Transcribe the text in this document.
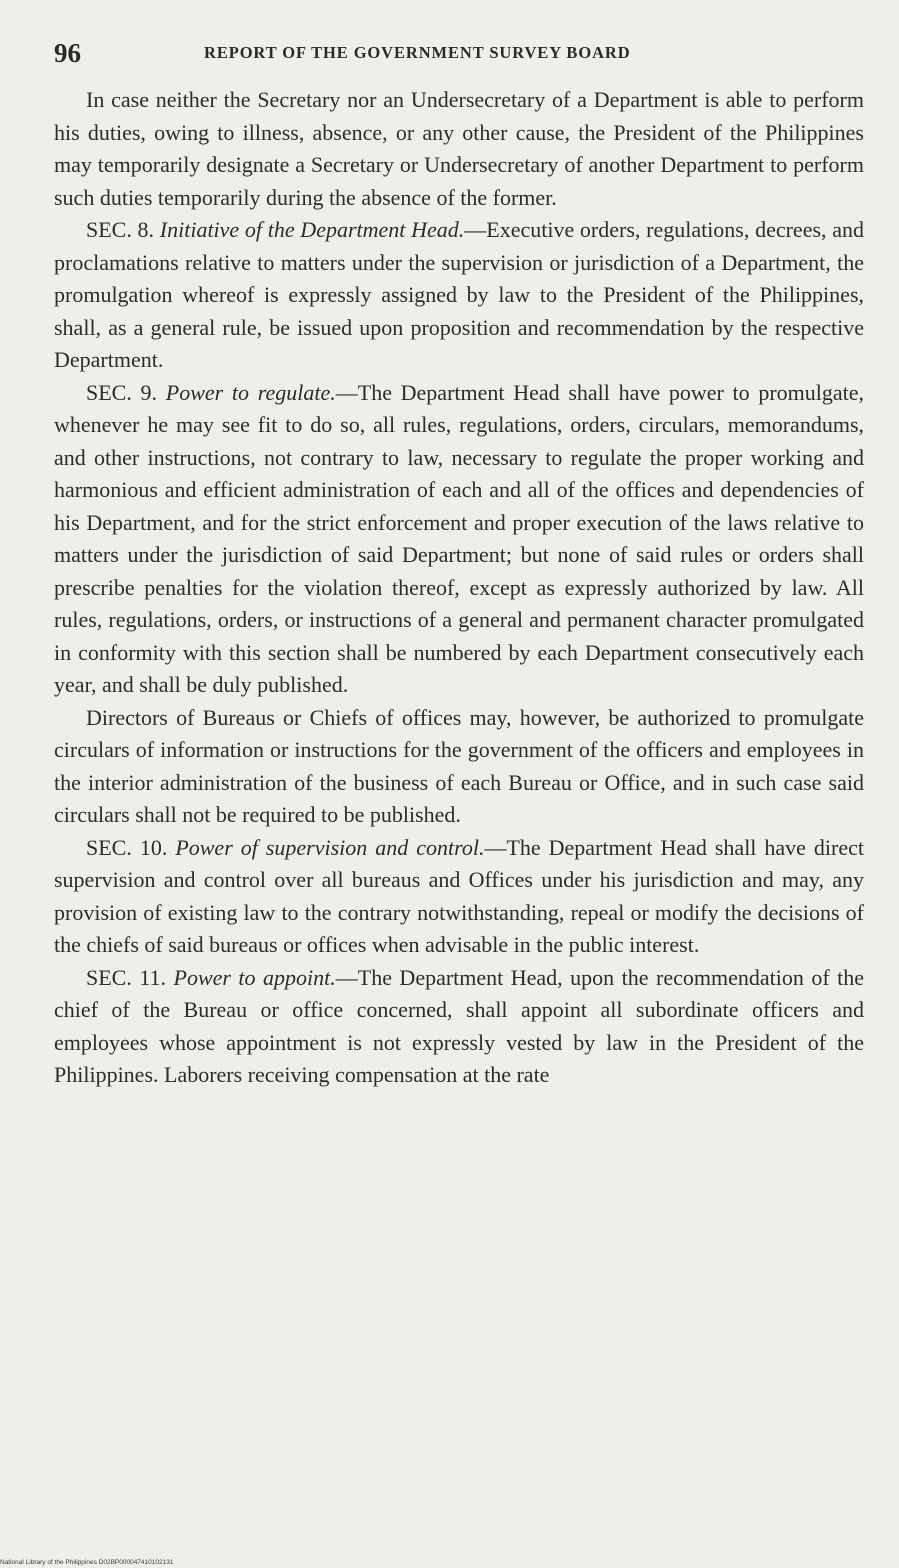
96	REPORT OF THE GOVERNMENT SURVEY BOARD

In case neither the Secretary nor an Undersecretary of a Department is able to perform his duties, owing to illness, absence, or any other cause, the President of the Philippines may temporarily designate a Secretary or Undersecretary of another Department to perform such duties temporarily during the absence of the former.

SEC. 8. Initiative of the Department Head.—Executive orders, regulations, decrees, and proclamations relative to matters under the supervision or jurisdiction of a Department, the promulgation whereof is expressly assigned by law to the President of the Philippines, shall, as a general rule, be issued upon proposition and recommendation by the respective Department.

SEC. 9. Power to regulate.—The Department Head shall have power to promulgate, whenever he may see fit to do so, all rules, regulations, orders, circulars, memorandums, and other instructions, not contrary to law, necessary to regulate the proper working and harmonious and efficient administration of each and all of the offices and dependencies of his Department, and for the strict enforcement and proper execution of the laws relative to matters under the jurisdiction of said Department; but none of said rules or orders shall prescribe penalties for the violation thereof, except as expressly authorized by law. All rules, regulations, orders, or instructions of a general and permanent character promulgated in conformity with this section shall be numbered by each Department consecutively each year, and shall be duly published.

Directors of Bureaus or Chiefs of offices may, however, be authorized to promulgate circulars of information or instructions for the government of the officers and employees in the interior administration of the business of each Bureau or Office, and in such case said circulars shall not be required to be published.

SEC. 10. Power of supervision and control.—The Department Head shall have direct supervision and control over all bureaus and Offices under his jurisdiction and may, any provision of existing law to the contrary notwithstanding, repeal or modify the decisions of the chiefs of said bureaus or offices when advisable in the public interest.

SEC. 11. Power to appoint.—The Department Head, upon the recommendation of the chief of the Bureau or office concerned, shall appoint all subordinate officers and employees whose appointment is not expressly vested by law in the President of the Philippines. Laborers receiving compensation at the rate

National Library of the Philippines D02BP000047410102131
